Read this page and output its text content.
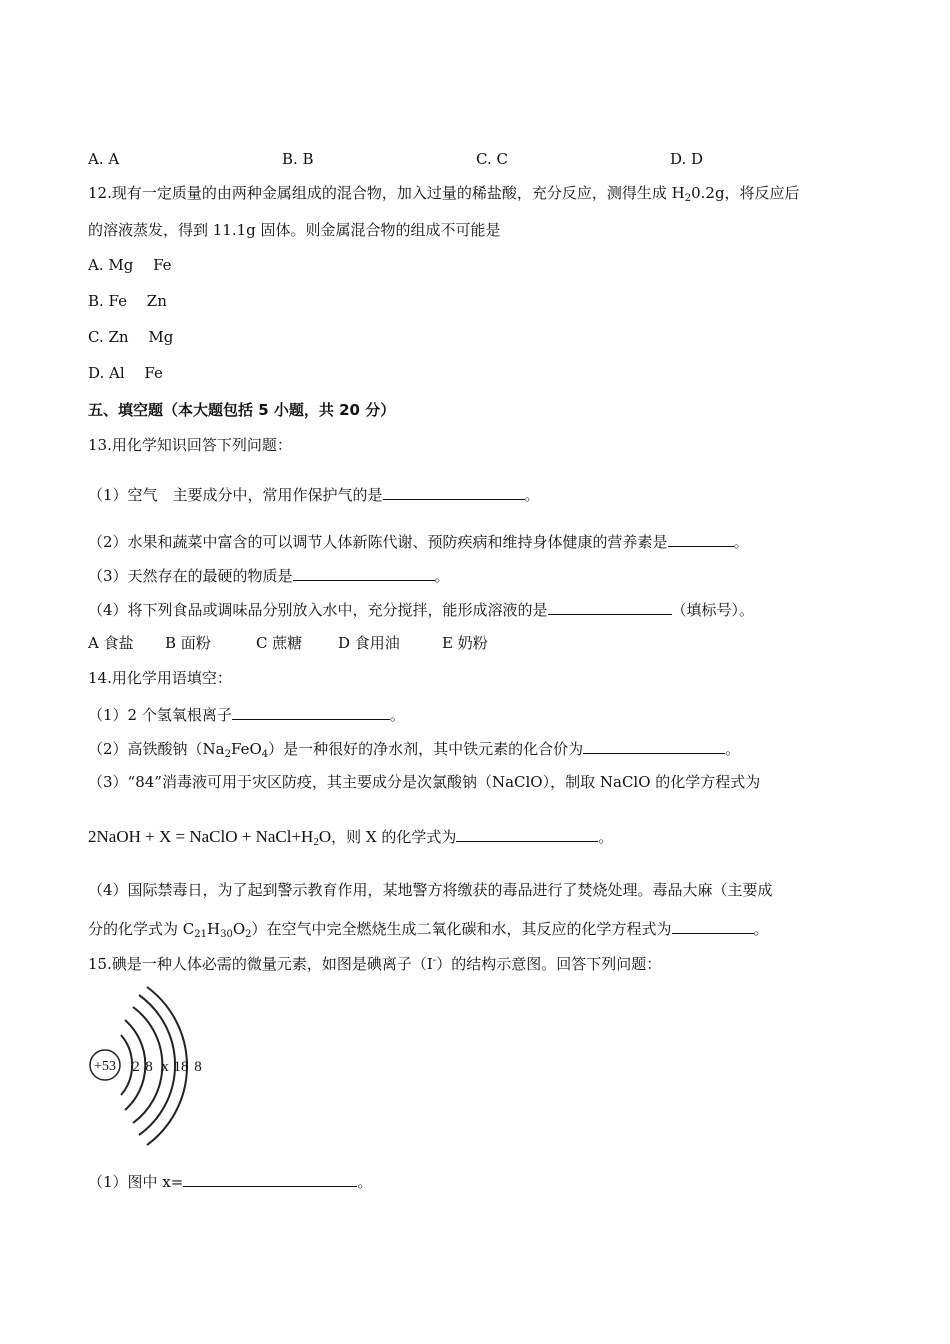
A. A	B. B	C. C	D. D
12.现有一定质量的由两种金属组成的混合物，加入过量的稀盐酸，充分反应，测得生成 $H_20.2g$，将反应后
的溶液蒸发，得到 11.1g 固体。则金属混合物的组成不可能是
A. Mg　 Fe
B. Fe　 Zn
C. Zn　 Mg
D. Al　 Fe
五、填空题（本大题包括 5 小题，共 20 分）
13.用化学知识回答下列问题：
（1）空气　主要成分中，常用作保护气的是	。
（2）水果和蔬菜中富含的可以调节人体新陈代谢、预防疾病和维持身体健康的营养素是	。
（3）天然存在的最硬的物质是	。
（4）将下列食品或调味品分别放入水中，充分搅拌，能形成溶液的是	（填标号）。
A 食盐 B 面粉	C 蔗糖 D 食用油	E 奶粉
14.用化学用语填空：
（1）2 个氢氧根离子	。
（2）高铁酸钠$(Na_2FeO_4)$是一种很好的净水剂，其中铁元素的化合价为	。
（3）“84”消毒液可用于灾区防疫，其主要成分是次氯酸钠（NaClO），制取 NaClO 的化学方程式为
2NaOH + X = NaClO + $NaCl+H_2O$，则 X 的化学式为	。
（4）国际禁毒日，为了起到警示教育作用，某地警方将缴获的毒品进行了焚烧处理。毒品大麻（主要成
分的化学式为 $C_{21}H_{30}O_2$）在空气中完全燃烧生成二氧化碳和水，其反应的化学方程式为	。
15.碘是一种人体必需的微量元素，如图是碘离子（I-）的结构示意图。回答下列问题：
+53 2 8 x 18 8
（1）图中 x=	。
